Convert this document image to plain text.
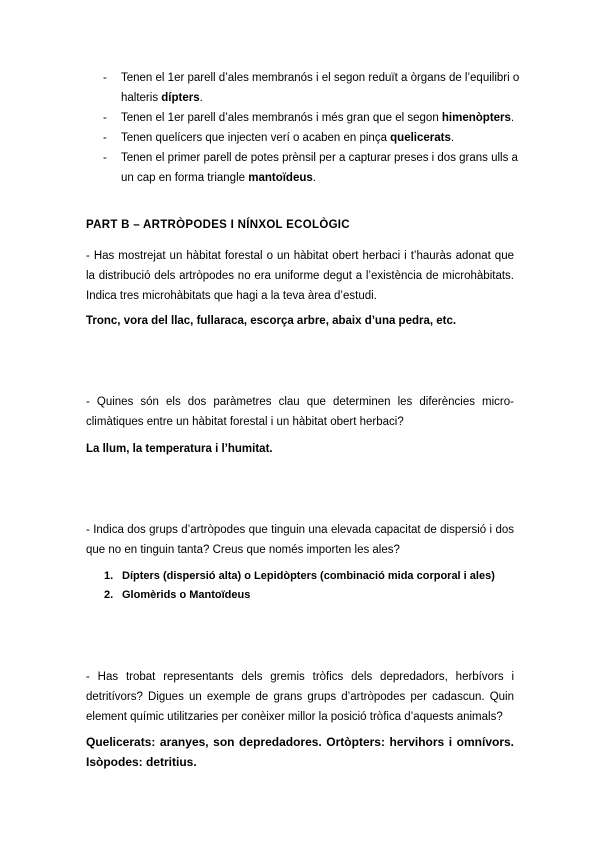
- Tenen el 1er parell d’ales membranós i el segon reduït a òrgans de l’equilibri o halteris dípters.
- Tenen el 1er parell d’ales membranós i més gran que el segon himenòpters.
- Tenen quelícers que injecten verí o acaben en pinça quelicerats.
- Tenen el primer parell de potes prènsil per a capturar preses i dos grans ulls a un cap en forma triangle mantoïdeus.
PART B – ARTRÒPODES I NÍNXOL ECOLÒGIC
- Has mostrejat un hàbitat forestal o un hàbitat obert herbaci i t’hauràs adonat que la distribució dels artròpodes no era uniforme degut a l’existència de microhàbitats. Indica tres microhàbitats que hagi a la teva àrea d’estudi.
Tronc, vora del llac, fullaraca, escorça arbre, abaix d’una pedra, etc.
- Quines són els dos paràmetres clau que determinen les diferències micro-climàtiques entre un hàbitat forestal i un hàbitat obert herbaci?
La llum, la temperatura i l’humitat.
- Indica dos grups d’artròpodes que tinguin una elevada capacitat de dispersió i dos que no en tinguin tanta? Creus que només importen les ales?
1. Dípters (dispersió alta) o Lepidòpters (combinació mida corporal i ales)
2. Glomèrids o Mantoïdeus
- Has trobat representants dels gremis tròfics dels depredadors, herbívors i detritívors? Digues un exemple de grans grups d’artròpodes per cadascun. Quin element químic utilitzaries per conèixer millor la posició tròfica d’aquests animals?
Quelicerats: aranyes, son depredadores. Ortòpters: hervihors i omnívors. Isòpodes: detritius.
